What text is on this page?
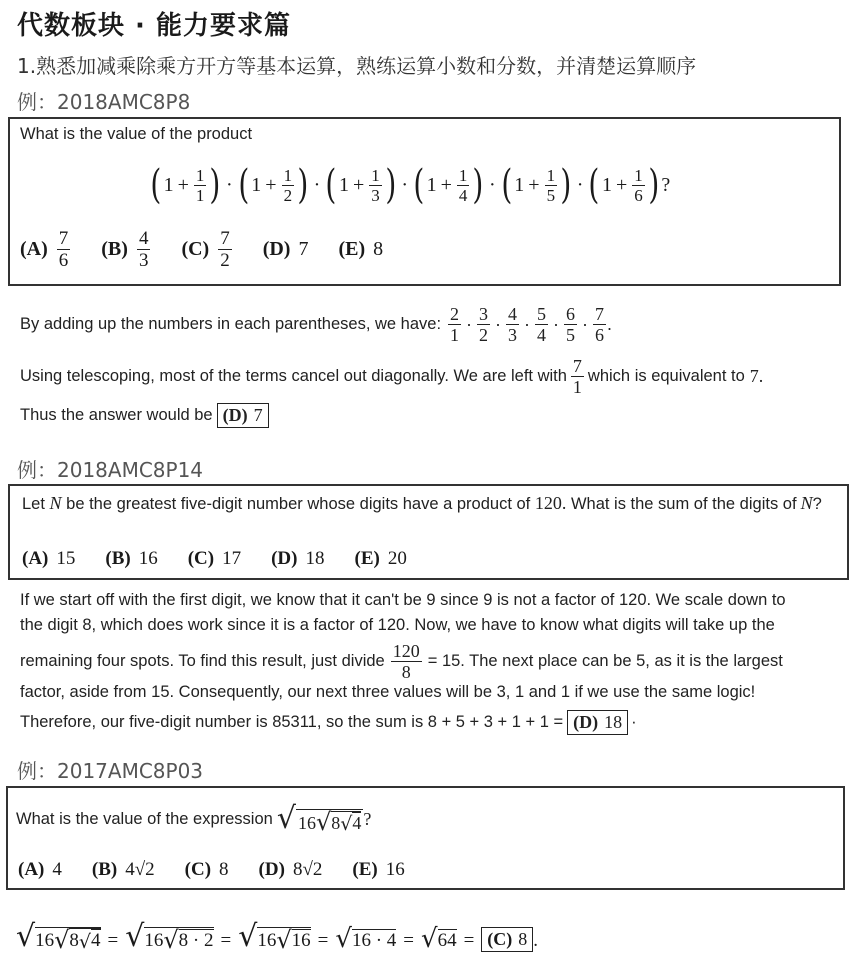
代数板块 · 能力要求篇
1.熟悉加减乘除乘方开方等基本运算，熟练运算小数和分数，并清楚运算顺序
例：2018AMC8P8
What is the value of the product
( $1 + \frac{1}{1}$ ) · ( $1 + \frac{1}{2}$ ) · ( $1 + \frac{1}{3}$ ) · ( $1 + \frac{1}{4}$ ) · ( $1 + \frac{1}{5}$ ) · ( $1 + \frac{1}{6}$ ) ?
$(A) \frac{7}{6} (B) \frac{4}{3} (C) \frac{7}{2} (D)$ 7 (E) 8
By adding up the numbers in each parentheses, we have: $\frac{2}{1} \cdot \frac{3}{2} \cdot \frac{4}{3} \cdot \frac{5}{4} \cdot \frac{6}{5} \cdot \frac{7}{6}$ .
Using telescoping, most of the terms cancel out diagonally. We are left with $\frac{7}{1}$ which is equivalent to 7.
Thus the answer would be (D) 7
例：2018AMC8P14
Let N be the greatest five-digit number whose digits have a product of 120. What is the sum of the digits of N?
(A) 15 (B) 16 (C) 17 (D) 18 (E) 20
If we start off with the first digit, we know that it can't be 9 since 9 is not a factor of 120. We scale down to
the digit 8, which does work since it is a factor of 120. Now, we have to know what digits will take up the
remaining four spots. To find this result, just divide $\frac{120}{8} = 15$. The next place can be 5, as it is the largest
factor, aside from 15. Consequently, our next three values will be 3, 1 and 1 if we use the same logic!
Therefore, our five-digit number is 85311, so the sum is 8 + 5 + 3 + 1 + 1 = (D) 18 ·
例：2017AMC8P03
What is the value of the expression √ 16 √ 8 √ 4 ?
(A) 4 (B) 4√2 (C) 8 (D) 8√2 (E) 16
√ 16 √ 8 √ 4 = √ 16 √ 8 · 2 = √ 16 √ 16 = √ 16 · 4 = √ 64 = (C) 8 .
